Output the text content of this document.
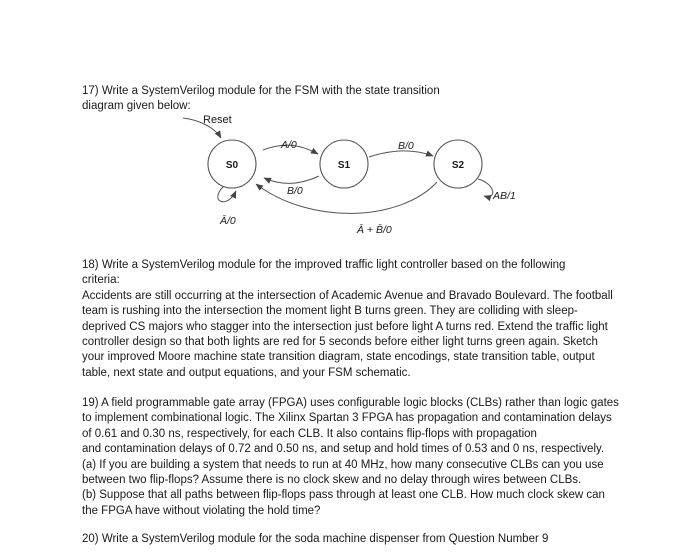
17) Write a SystemVerilog module for the FSM with the state transition

diagram given below:

Reset
A/0	B/0
B/0
Ā + B̄/0
Ā/0
AB/1
S0	S1	S2

18) Write a SystemVerilog module for the improved traffic light controller based on the following

criteria:

Accidents are still occurring at the intersection of Academic Avenue and Bravado Boulevard. The football

team is rushing into the intersection the moment light B turns green. They are colliding with sleep-

deprived CS majors who stagger into the intersection just before light A turns red. Extend the traffic light

controller design so that both lights are red for 5 seconds before either light turns green again. Sketch

your improved Moore machine state transition diagram, state encodings, state transition table, output

table, next state and output equations, and your FSM schematic.

19) A field programmable gate array (FPGA) uses configurable logic blocks (CLBs) rather than logic gates

to implement combinational logic. The Xilinx Spartan 3 FPGA has propagation and contamination delays

of 0.61 and 0.30 ns, respectively, for each CLB. It also contains flip-flops with propagation

and contamination delays of 0.72 and 0.50 ns, and setup and hold times of 0.53 and 0 ns, respectively.

(a) If you are building a system that needs to run at 40 MHz, how many consecutive CLBs can you use

between two flip-flops? Assume there is no clock skew and no delay through wires between CLBs.

(b) Suppose that all paths between flip-flops pass through at least one CLB. How much clock skew can

the FPGA have without violating the hold time?

20) Write a SystemVerilog module for the soda machine dispenser from Question Number 9
